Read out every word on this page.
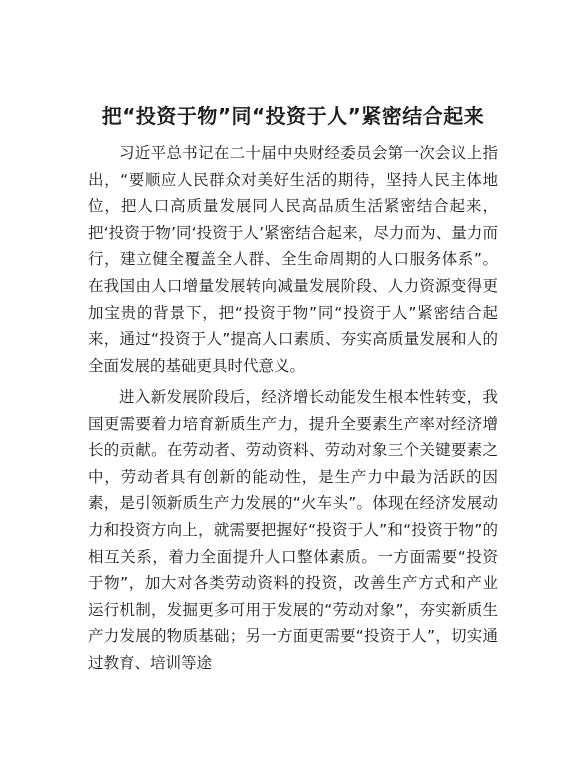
把“投资于物”同“投资于人”紧密结合起来

习近平总书记在二十届中央财经委员会第一次会议上指出，“要顺应人民群众对美好生活的期待，坚持人民主体地位，把人口高质量发展同人民高品质生活紧密结合起来，把‘投资于物’同‘投资于人’紧密结合起来，尽力而为、量力而行，建立健全覆盖全人群、全生命周期的人口服务体系”。在我国由人口增量发展转向减量发展阶段、人力资源变得更加宝贵的背景下，把“投资于物”同“投资于人”紧密结合起来，通过“投资于人”提高人口素质、夯实高质量发展和人的全面发展的基础更具时代意义。

进入新发展阶段后，经济增长动能发生根本性转变，我国更需要着力培育新质生产力，提升全要素生产率对经济增长的贡献。在劳动者、劳动资料、劳动对象三个关键要素之中，劳动者具有创新的能动性，是生产力中最为活跃的因素，是引领新质生产力发展的“火车头”。体现在经济发展动力和投资方向上，就需要把握好“投资于人”和“投资于物”的相互关系，着力全面提升人口整体素质。一方面需要“投资于物”，加大对各类劳动资料的投资，改善生产方式和产业运行机制，发掘更多可用于发展的“劳动对象”，夯实新质生产力发展的物质基础；另一方面更需要“投资于人”，切实通过教育、培训等途
